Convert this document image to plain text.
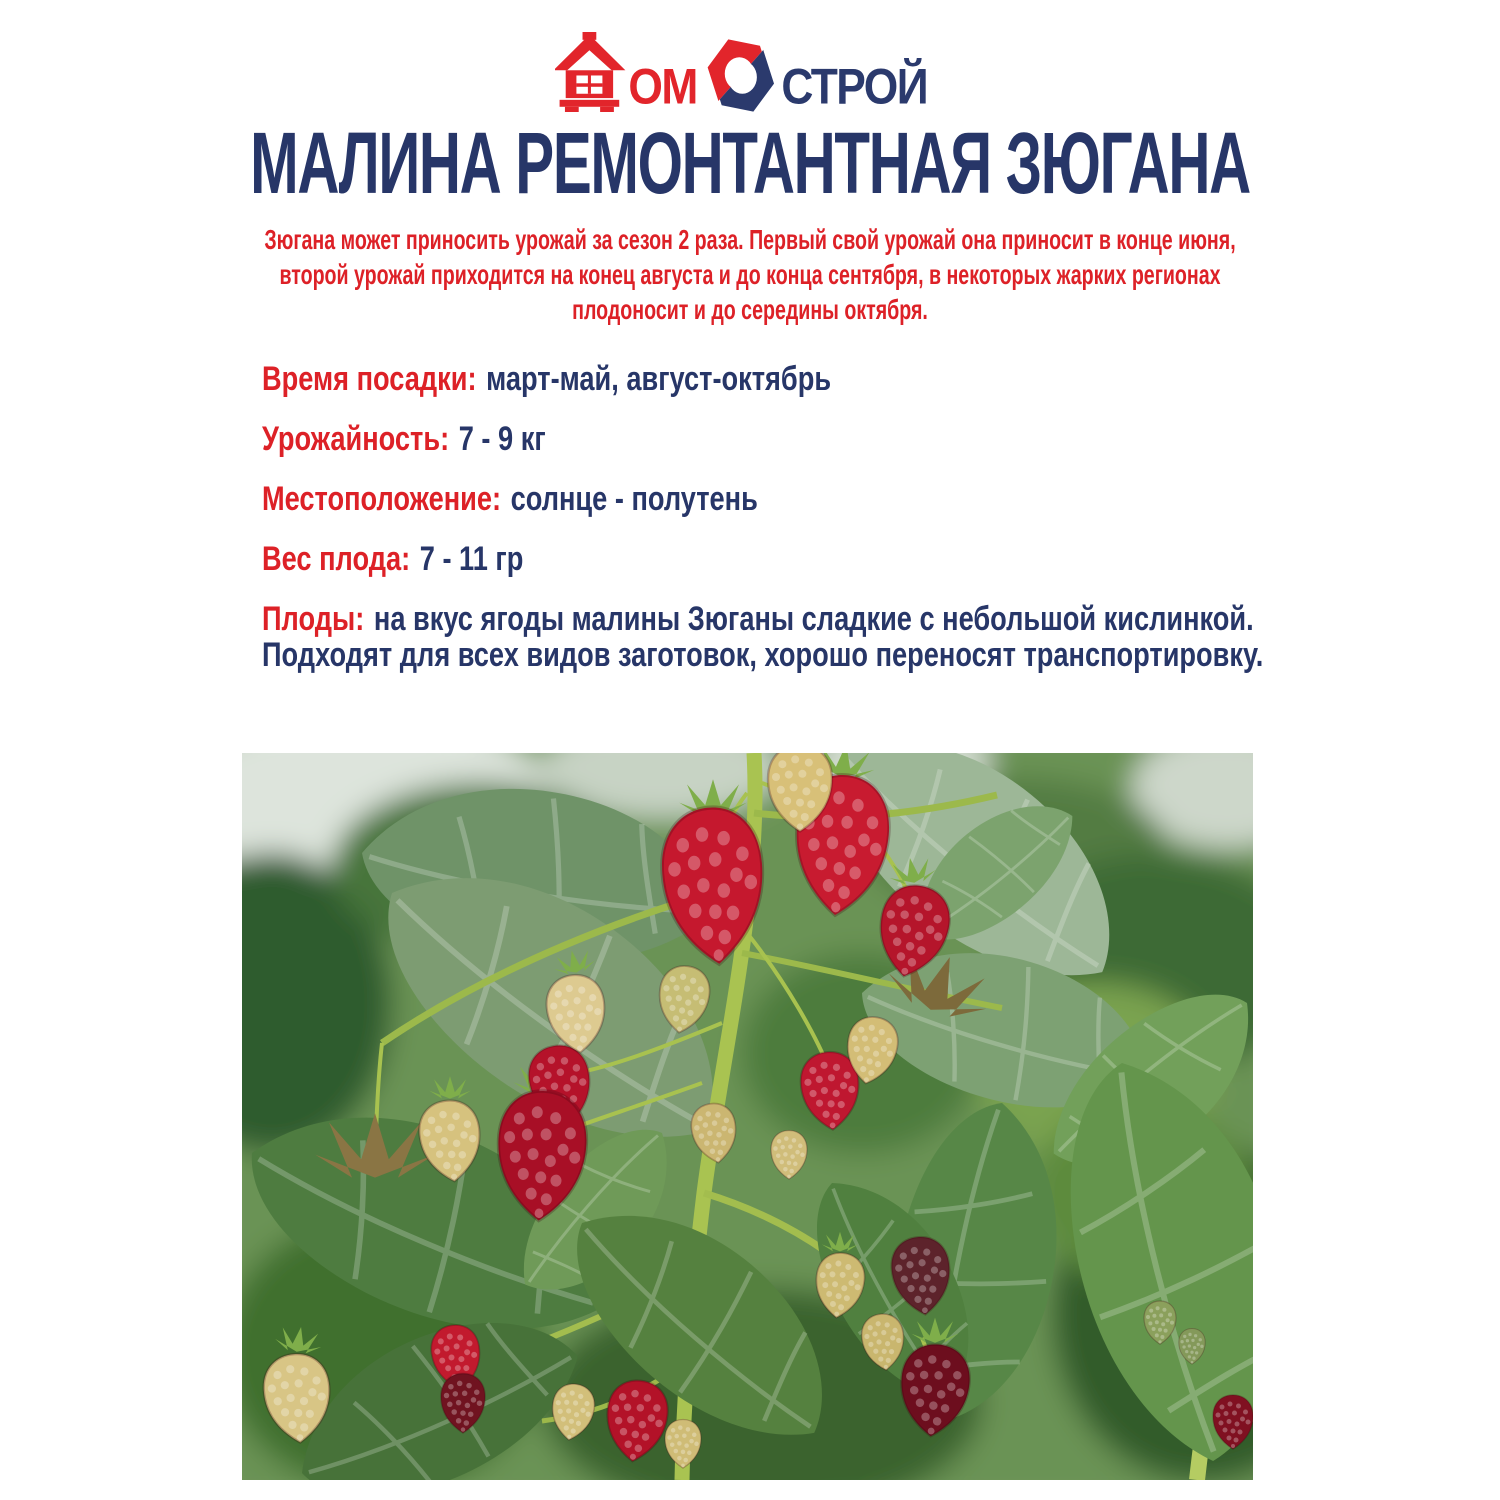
ОМ СТРОЙ
МАЛИНА РЕМОНТАНТНАЯ ЗЮГАНА
Зюгана может приносить урожай за сезон 2 раза. Первый свой урожай она приносит в конце июня,
второй урожай приходится на конец августа и до конца сентября, в некоторых жарких регионах
плодоносит и до середины октября.
Время посадки: март-май, август-октябрь
Урожайность: 7 - 9 кг
Местоположение: солнце - полутень
Вес плода: 7 - 11 гр
Плоды: на вкус ягоды малины Зюганы сладкие с небольшой кислинкой.
Подходят для всех видов заготовок, хорошо переносят транспортировку.
